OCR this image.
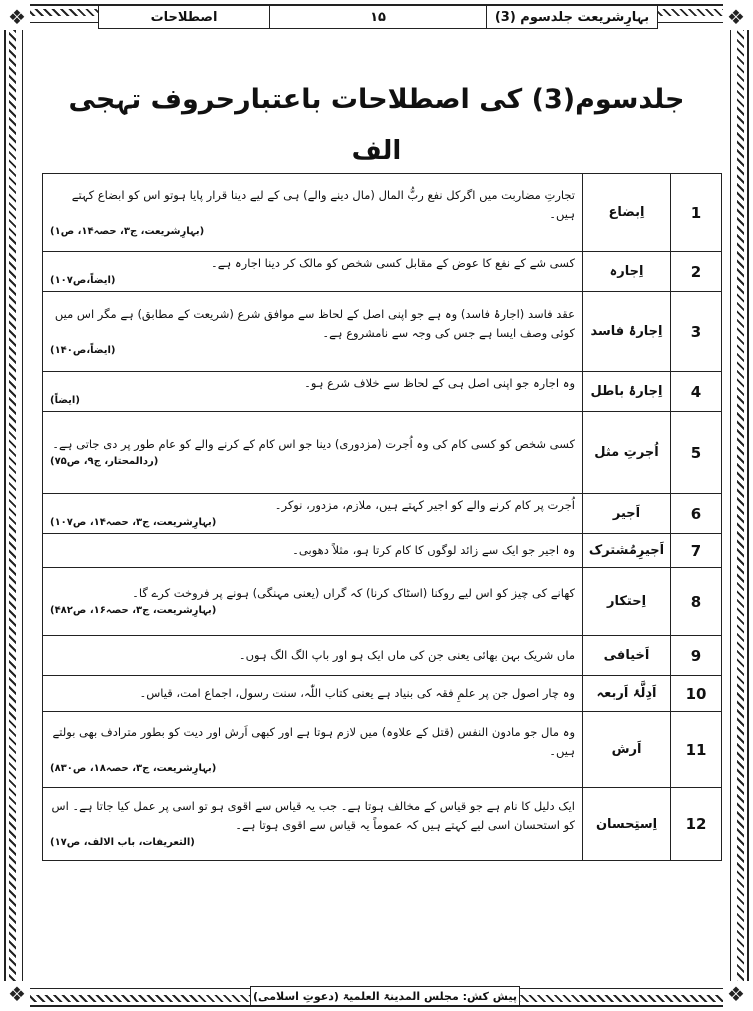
❖	❖
❖	❖
بہارِشریعت جلدسوم (3)
۱۵
اصطلاحات
جلدسوم(3) کی اصطلاحات باعتبارحروف تہجی
الف
1
اِبضاع
تجارتِ مضاربت میں اگرکل نفع ربُّ المال (مال دینے والے) ہی کے لیے دینا قرار پایا ہوتو اس کو ابضاع کہتے ہیں۔
(بہارِشریعت، ج۳، حصہ۱۴، ص۱)
2
اِجارہ
کسی شے کے نفع کا عوض کے مقابل کسی شخص کو مالک کر دینا اجارہ ہے۔
(ایضاً،ص۱۰۷)
3
اِجارۂ فاسد
عقد فاسد (اجارۂ فاسد) وہ ہے جو اپنی اصل کے لحاظ سے موافق شرع (شریعت کے مطابق) ہے مگر اس میں کوئی وصف ایسا ہے جس کی وجہ سے نامشروع ہے۔
(ایضاً،ص۱۴۰)
4
اِجارۂ باطل
وہ اجارہ جو اپنی اصل ہی کے لحاظ سے خلاف شرع ہو۔
(ایضاً)
5
اُجرتِ مثل
کسی شخص کو کسی کام کی وہ اُجرت (مزدوری) دینا جو اس کام کے کرنے والے کو عام طور پر دی جاتی ہے۔
(ردالمحتار، ج۹، ص۷۵)
6
اَجیر
اُجرت پر کام کرنے والے کو اجیر کہتے ہیں، ملازم، مزدور، نوکر۔
(بہارِشریعت، ج۳، حصہ۱۴، ص۱۰۷)
7
اَجیرِمُشترک
وہ اجیر جو ایک سے زائد لوگوں کا کام کرتا ہو، مثلاً دھوبی۔
8
اِحتکار
کھانے کی چیز کو اس لیے روکنا (اسٹاک کرنا) کہ گراں (یعنی مہنگی) ہونے پر فروخت کرے گا۔
(بہارِشریعت، ج۳، حصہ۱۶، ص۴۸۲)
9
اَخیافی
ماں شریک بہن بھائی یعنی جن کی ماں ایک ہو اور باپ الگ الگ ہوں۔
10
اَدِلَّۂ اَربعہ
وہ چار اصول جن پر علمِ فقہ کی بنیاد ہے یعنی کتاب اللّٰہ، سنت رسول، اجماع امت، قیاس۔
11
اَرش
وہ مال جو مادون النفس (قتل کے علاوہ) میں لازم ہوتا ہے اور کبھی اَرش اور دیت کو بطور مترادف بھی بولتے ہیں۔
(بہارِشریعت، ج۳، حصہ۱۸، ص۸۳۰)
12
اِستِحسان
ایک دلیل کا نام ہے جو قیاس کے مخالف ہوتا ہے۔ جب یہ قیاس سے اقوی ہو تو اسی پر عمل کیا جاتا ہے۔ اس کو استحسان اسی لیے کہتے ہیں کہ عموماً یہ قیاس سے اقوی ہوتا ہے۔
(التعریفات، باب الالف، ص۱۷)
پیش کش: مجلس المدینۃ العلمیۃ (دعوتِ اسلامی)
